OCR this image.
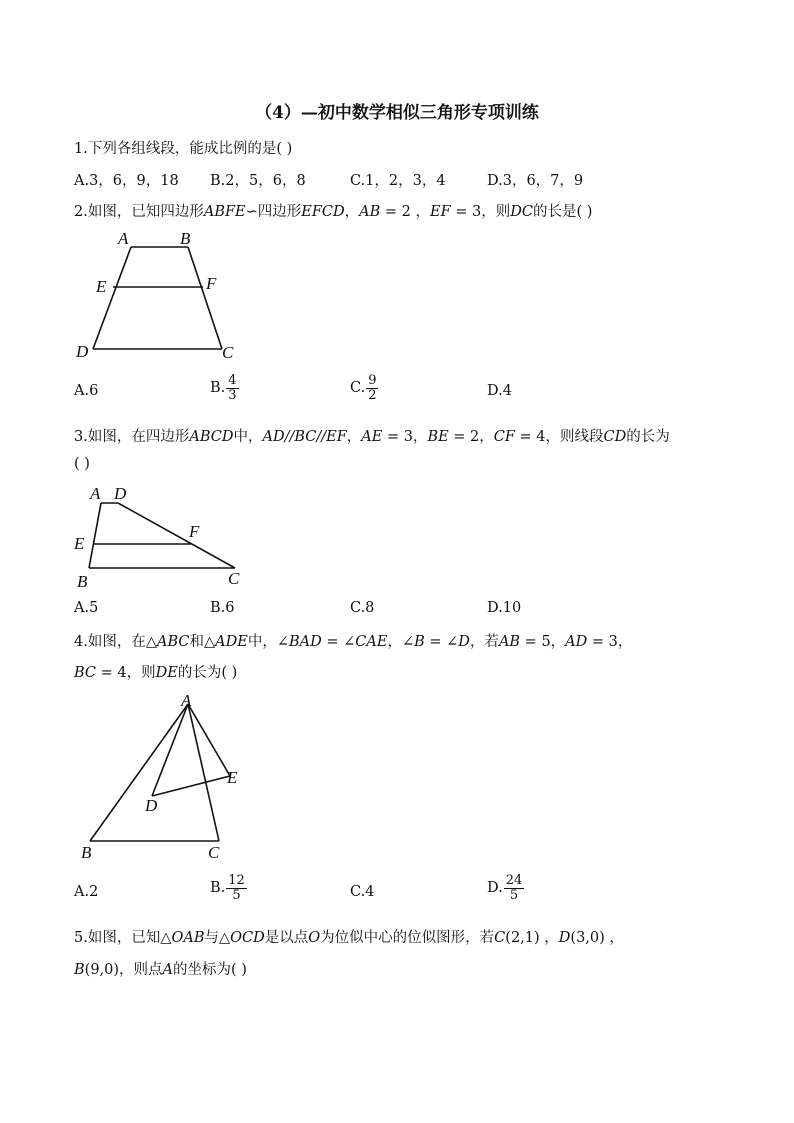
（4）—初中数学相似三角形专项训练
1.下列各组线段，能成比例的是( )
A.3，6，9，18 B.2，5，6，8	C.1，2，3，4	D.3，6，7，9
2.如图，已知四边形ABFE∽四边形EFCD，AB = 2 ，EF = 3，则DC的长是( )
A	B
E	F
D	C
A.6	B. $\frac{4}{3}$	C. $\frac{9}{2}$	D.4
3.如图，在四边形ABCD中，AD//BC//EF，AE = 3，BE = 2，CF = 4，则线段CD的长为
( )
A D
E
F
B	C
A.5	B.6	C.8	D.10
4.如图，在△ABC和△ADE中，∠BAD = ∠CAE，∠B = ∠D，若AB = 5，AD = 3，
BC = 4，则DE的长为( )
A
E
D
B	C
A.2	B. $\frac{12}{5}$	C.4	D. $\frac{24}{5}$
5.如图，已知△OAB与△OCD是以点O为位似中心的位似图形，若C(2,1) ，D(3,0) ，
B(9,0)，则点A的坐标为( )
